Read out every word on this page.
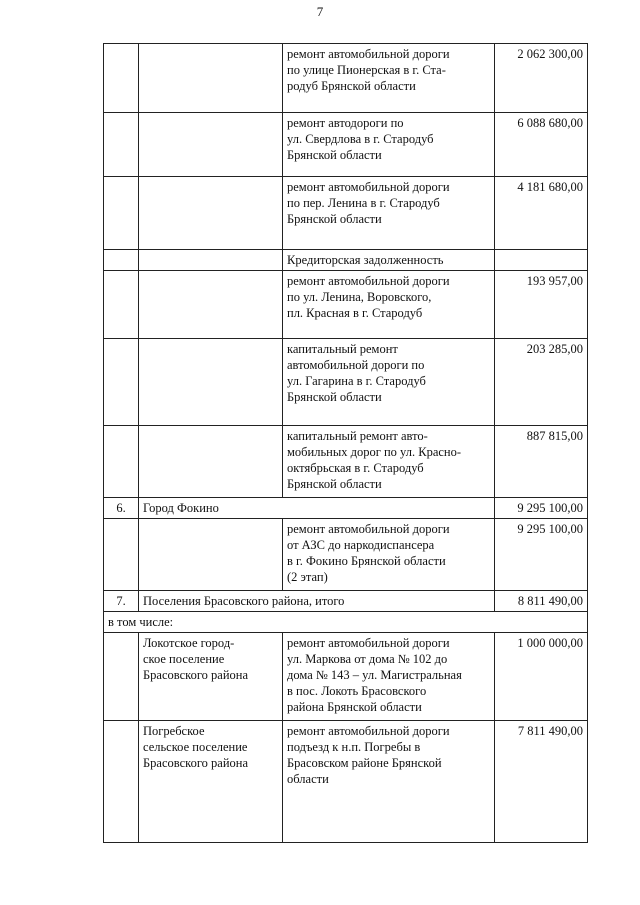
7
		ремонт автомобильной дороги
по улице Пионерская в г. Ста-
родуб Брянской области	2 062 300,00
		ремонт автодороги по
ул. Свердлова в г. Стародуб
Брянской области	6 088 680,00
		ремонт автомобильной дороги
по пер. Ленина в г. Стародуб
Брянской области	4 181 680,00
		Кредиторская задолженность	
		ремонт автомобильной дороги
по ул. Ленина, Воровского,
пл. Красная в г. Стародуб	193 957,00
		капитальный ремонт
автомобильной дороги по
ул. Гагарина в г. Стародуб
Брянской области	203 285,00
		капитальный ремонт авто-
мобильных дорог по ул. Красно-
октябрьская в г. Стародуб
Брянской области	887 815,00
6.	Город Фокино		9 295 100,00
		ремонт автомобильной дороги
от АЗС до наркодиспансера
в г. Фокино Брянской области
(2 этап)	9 295 100,00
7.	Поселения Брасовского района, итого		8 811 490,00
в том числе:			
	Локотское город-
ское поселение
Брасовского района	ремонт автомобильной дороги
ул. Маркова от дома № 102 до
дома № 143 – ул. Магистральная
в пос. Локоть Брасовского
района Брянской области	1 000 000,00
	Погребское
сельское поселение
Брасовского района	ремонт автомобильной дороги
подъезд к н.п. Погребы в
Брасовском районе Брянской
области	7 811 490,00
